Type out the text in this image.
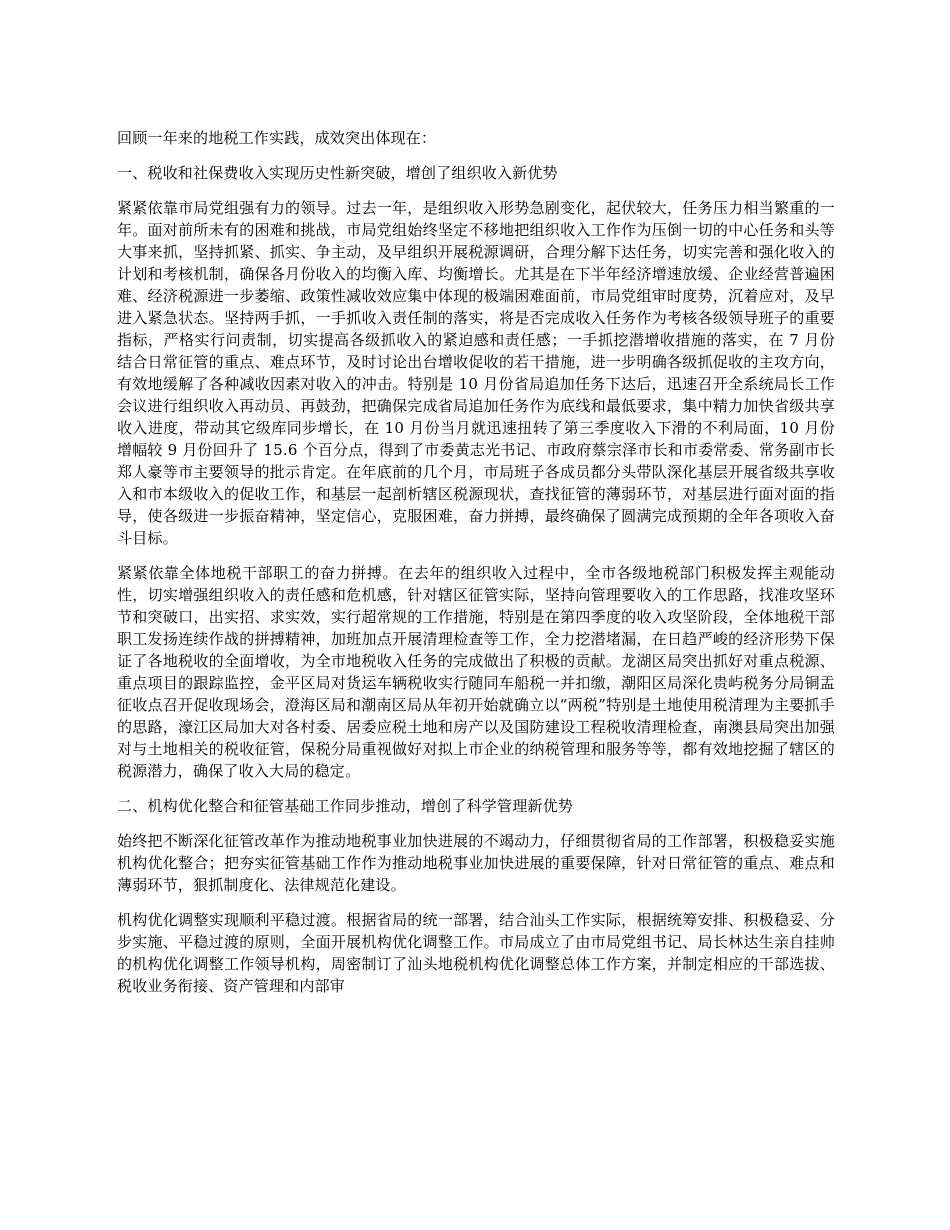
回顾一年来的地税工作实践，成效突出体现在：

一、税收和社保费收入实现历史性新突破，增创了组织收入新优势

紧紧依靠市局党组强有力的领导。过去一年，是组织收入形势急剧变化，起伏较大，任务压力相当繁重的一年。面对前所未有的困难和挑战，市局党组始终坚定不移地把组织收入工作作为压倒一切的中心任务和头等大事来抓，坚持抓紧、抓实、争主动，及早组织开展税源调研，合理分解下达任务，切实完善和强化收入的计划和考核机制，确保各月份收入的均衡入库、均衡增长。尤其是在下半年经济增速放缓、企业经营普遍困难、经济税源进一步萎缩、政策性减收效应集中体现的极端困难面前，市局党组审时度势，沉着应对，及早进入紧急状态。坚持两手抓，一手抓收入责任制的落实，将是否完成收入任务作为考核各级领导班子的重要指标，严格实行问责制，切实提高各级抓收入的紧迫感和责任感；一手抓挖潜增收措施的落实，在 7 月份结合日常征管的重点、难点环节，及时讨论出台增收促收的若干措施，进一步明确各级抓促收的主攻方向，有效地缓解了各种减收因素对收入的冲击。特别是 10 月份省局追加任务下达后，迅速召开全系统局长工作会议进行组织收入再动员、再鼓劲，把确保完成省局追加任务作为底线和最低要求，集中精力加快省级共享收入进度，带动其它级库同步增长，在 10 月份当月就迅速扭转了第三季度收入下滑的不利局面，10 月份增幅较 9 月份回升了 15.6 个百分点，得到了市委黄志光书记、市政府蔡宗泽市长和市委常委、常务副市长郑人豪等市主要领导的批示肯定。在年底前的几个月，市局班子各成员都分头带队深化基层开展省级共享收入和市本级收入的促收工作，和基层一起剖析辖区税源现状，查找征管的薄弱环节，对基层进行面对面的指导，使各级进一步振奋精神，坚定信心，克服困难，奋力拼搏，最终确保了圆满完成预期的全年各项收入奋斗目标。

紧紧依靠全体地税干部职工的奋力拼搏。在去年的组织收入过程中，全市各级地税部门积极发挥主观能动性，切实增强组织收入的责任感和危机感，针对辖区征管实际，坚持向管理要收入的工作思路，找准攻坚环节和突破口，出实招、求实效，实行超常规的工作措施，特别是在第四季度的收入攻坚阶段，全体地税干部职工发扬连续作战的拼搏精神，加班加点开展清理检查等工作，全力挖潜堵漏，在日趋严峻的经济形势下保证了各地税收的全面增收，为全市地税收入任务的完成做出了积极的贡献。龙湖区局突出抓好对重点税源、重点项目的跟踪监控，金平区局对货运车辆税收实行随同车船税一并扣缴，潮阳区局深化贵屿税务分局铜盂征收点召开促收现场会，澄海区局和潮南区局从年初开始就确立以“两税”特别是土地使用税清理为主要抓手的思路，濠江区局加大对各村委、居委应税土地和房产以及国防建设工程税收清理检查，南澳县局突出加强对与土地相关的税收征管，保税分局重视做好对拟上市企业的纳税管理和服务等等，都有效地挖掘了辖区的税源潜力，确保了收入大局的稳定。

二、机构优化整合和征管基础工作同步推动，增创了科学管理新优势

始终把不断深化征管改革作为推动地税事业加快进展的不竭动力，仔细贯彻省局的工作部署，积极稳妥实施机构优化整合；把夯实征管基础工作作为推动地税事业加快进展的重要保障，针对日常征管的重点、难点和薄弱环节，狠抓制度化、法律规范化建设。

机构优化调整实现顺利平稳过渡。根据省局的统一部署，结合汕头工作实际，根据统筹安排、积极稳妥、分步实施、平稳过渡的原则，全面开展机构优化调整工作。市局成立了由市局党组书记、局长林达生亲自挂帅的机构优化调整工作领导机构，周密制订了汕头地税机构优化调整总体工作方案，并制定相应的干部选拔、税收业务衔接、资产管理和内部审
